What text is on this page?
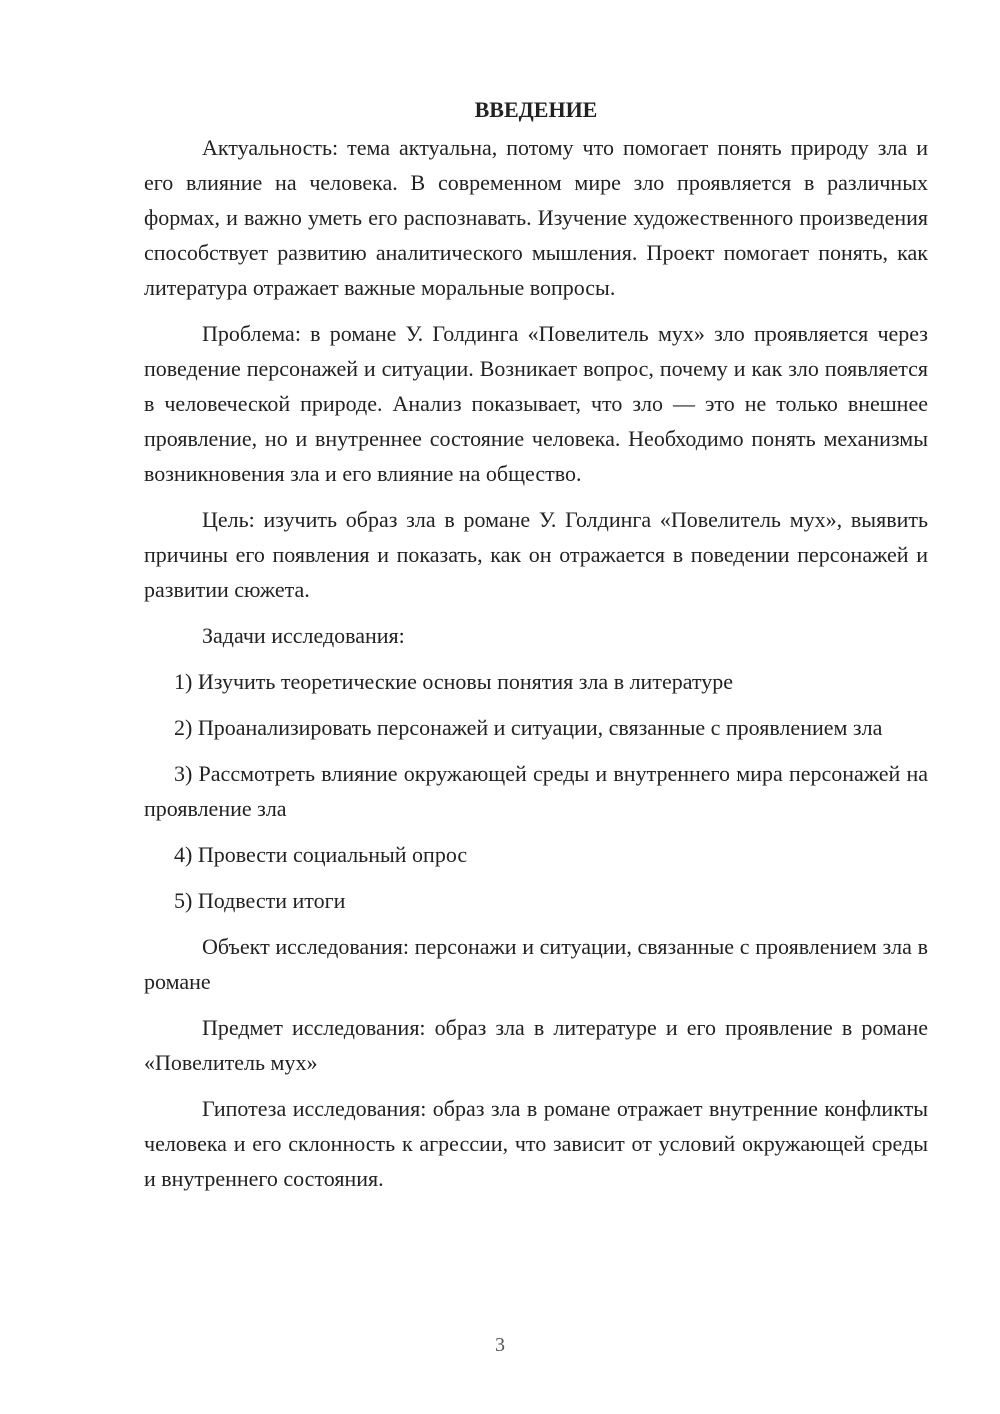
ВВЕДЕНИЕ

Актуальность: тема актуальна, потому что помогает понять природу зла и его влияние на человека. В современном мире зло проявляется в различных формах, и важно уметь его распознавать. Изучение художественного произведения способствует развитию аналитического мышления. Проект помогает понять, как литература отражает важные моральные вопросы.

Проблема: в романе У. Голдинга «Повелитель мух» зло проявляется через поведение персонажей и ситуации. Возникает вопрос, почему и как зло появляется в человеческой природе. Анализ показывает, что зло — это не только внешнее проявление, но и внутреннее состояние человека. Необходимо понять механизмы возникновения зла и его влияние на общество.

Цель: изучить образ зла в романе У. Голдинга «Повелитель мух», выявить причины его появления и показать, как он отражается в поведении персонажей и развитии сюжета.

Задачи исследования:

1) Изучить теоретические основы понятия зла в литературе

2) Проанализировать персонажей и ситуации, связанные с проявлением зла

3) Рассмотреть влияние окружающей среды и внутреннего мира персонажей на проявление зла

4) Провести социальный опрос

5) Подвести итоги

Объект исследования: персонажи и ситуации, связанные с проявлением зла в романе

Предмет исследования: образ зла в литературе и его проявление в романе «Повелитель мух»

Гипотеза исследования: образ зла в романе отражает внутренние конфликты человека и его склонность к агрессии, что зависит от условий окружающей среды и внутреннего состояния.

3
